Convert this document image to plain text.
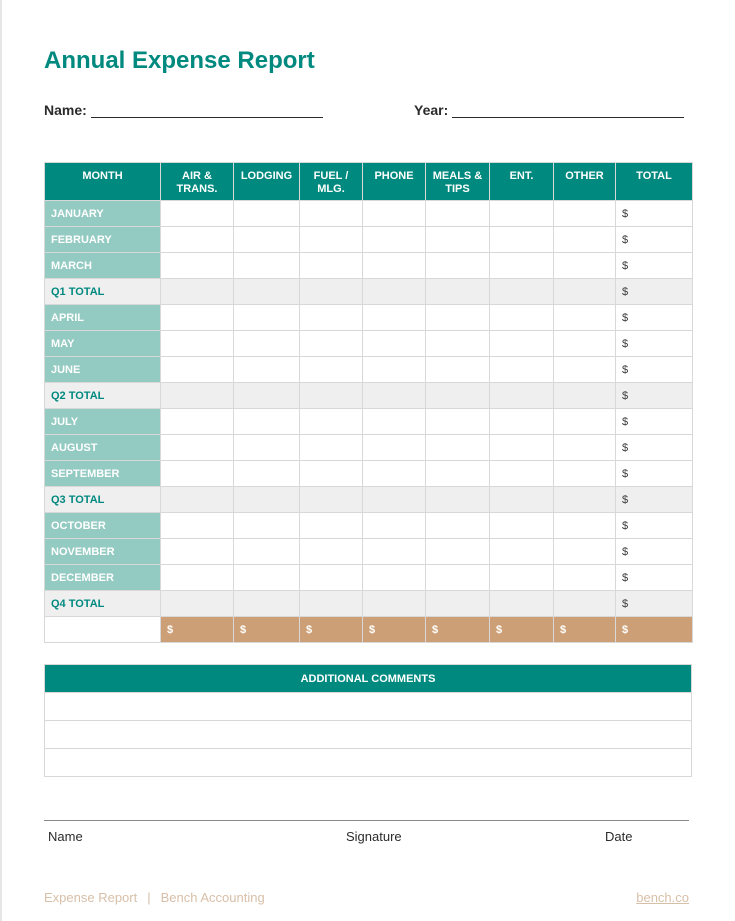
Annual Expense Report
Name:	Year:
MONTH	AIR & TRANS.	LODGING	FUEL / MLG.	PHONE	MEALS & TIPS	ENT.	OTHER	TOTAL
JANUARY								$
FEBRUARY								$
MARCH								$
Q1 TOTAL								$
APRIL								$
MAY								$
JUNE								$
Q2 TOTAL								$
JULY								$
AUGUST								$
SEPTEMBER								$
Q3 TOTAL								$
OCTOBER								$
NOVEMBER								$
DECEMBER								$
Q4 TOTAL								$
	$	$	$	$	$	$	$	$
ADDITIONAL COMMENTS

Name	Signature	Date
Expense Report | Bench Accounting	bench.co
